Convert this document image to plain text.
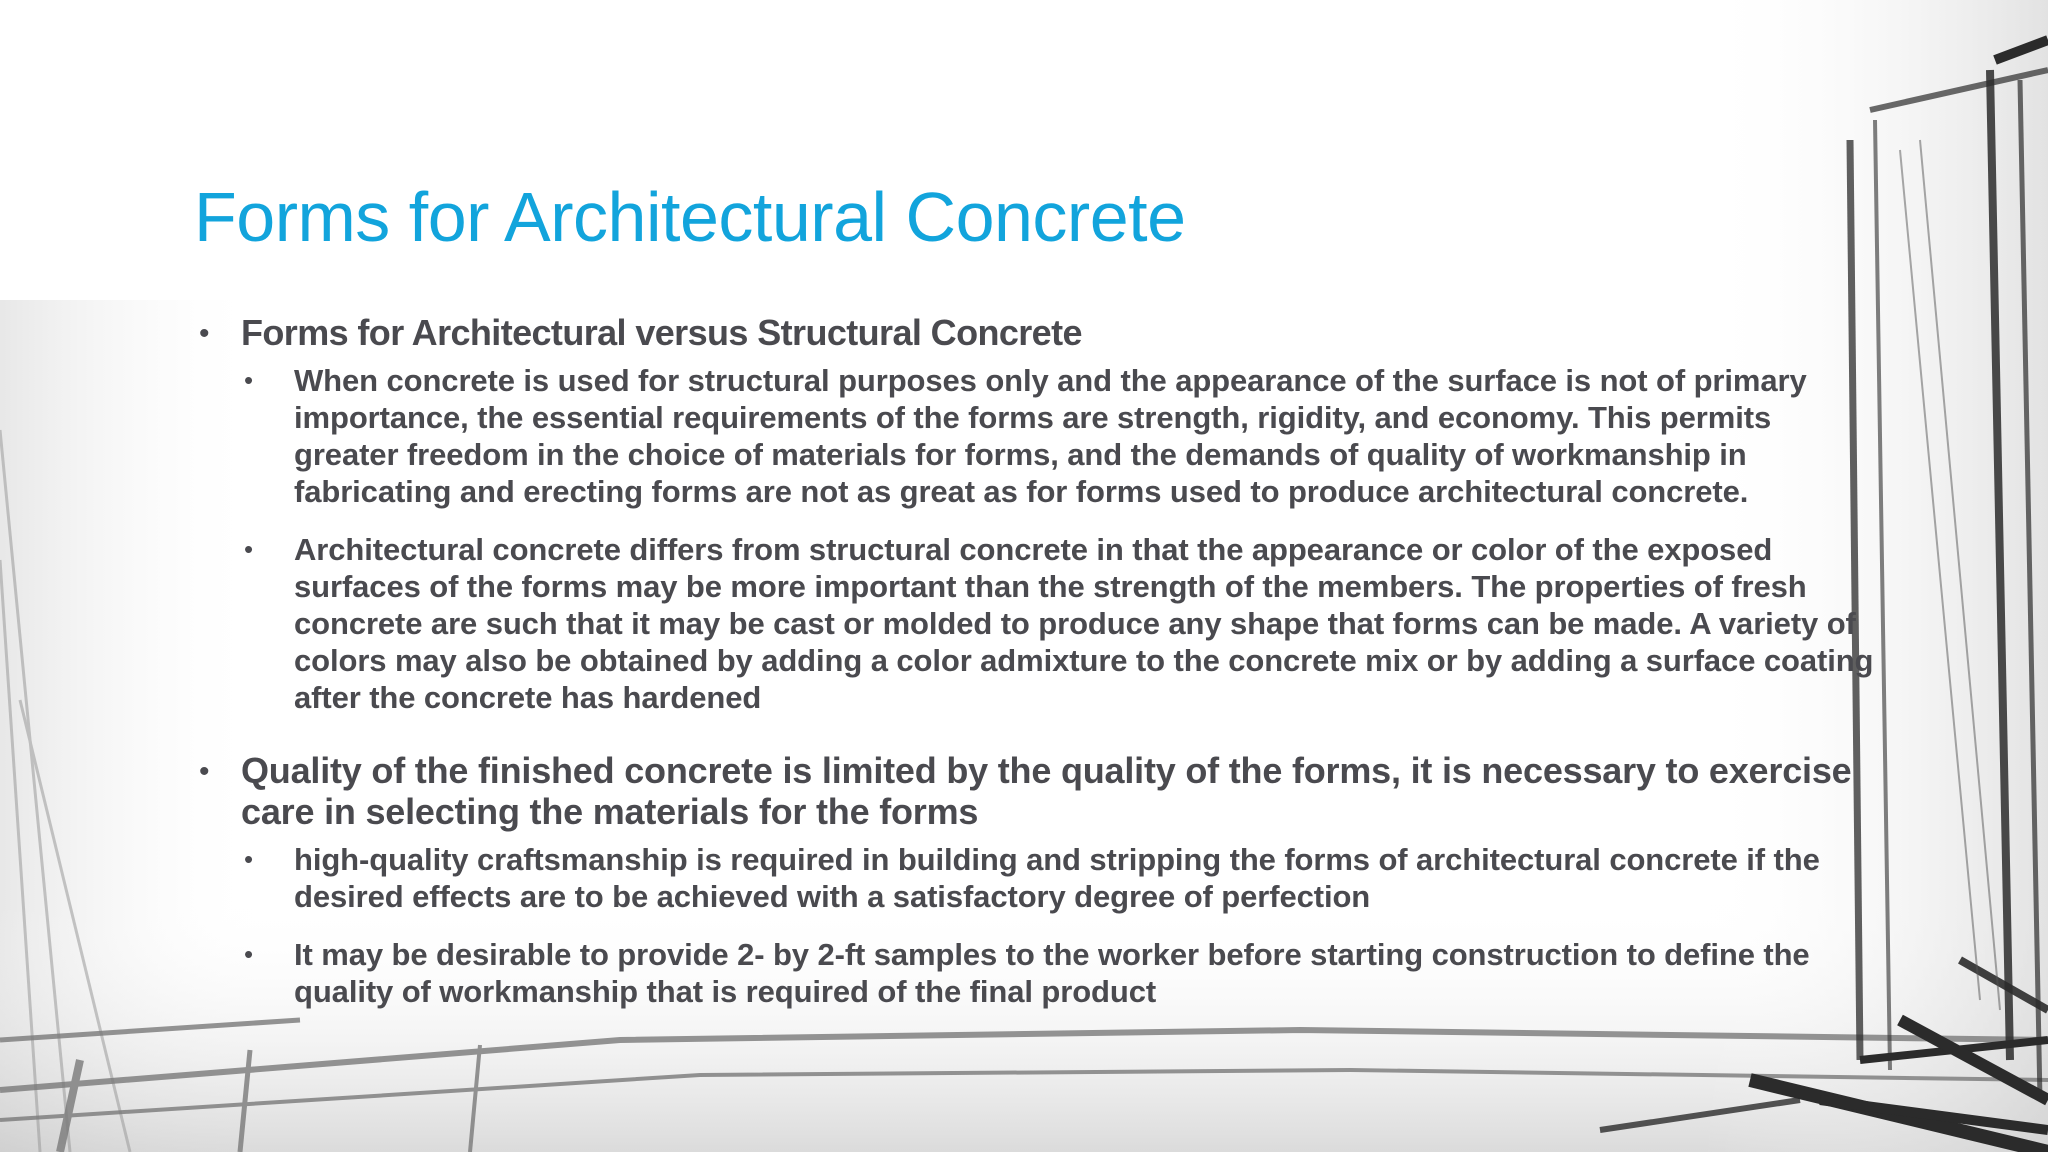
Forms for Architectural Concrete
• Forms for Architectural versus Structural Concrete
• When concrete is used for structural purposes only and the appearance of the surface is not of primary importance, the essential requirements of the forms are strength, rigidity, and economy. This permits greater freedom in the choice of materials for forms, and the demands of quality of workmanship in fabricating and erecting forms are not as great as for forms used to produce architectural concrete.
• Architectural concrete differs from structural concrete in that the appearance or color of the exposed surfaces of the forms may be more important than the strength of the members. The properties of fresh concrete are such that it may be cast or molded to produce any shape that forms can be made. A variety of colors may also be obtained by adding a color admixture to the concrete mix or by adding a surface coating after the concrete has hardened
• Quality of the finished concrete is limited by the quality of the forms, it is necessary to exercise care in selecting the materials for the forms
• high-quality craftsmanship is required in building and stripping the forms of architectural concrete if the desired effects are to be achieved with a satisfactory degree of perfection
• It may be desirable to provide 2- by 2-ft samples to the worker before starting construction to define the quality of workmanship that is required of the final product
